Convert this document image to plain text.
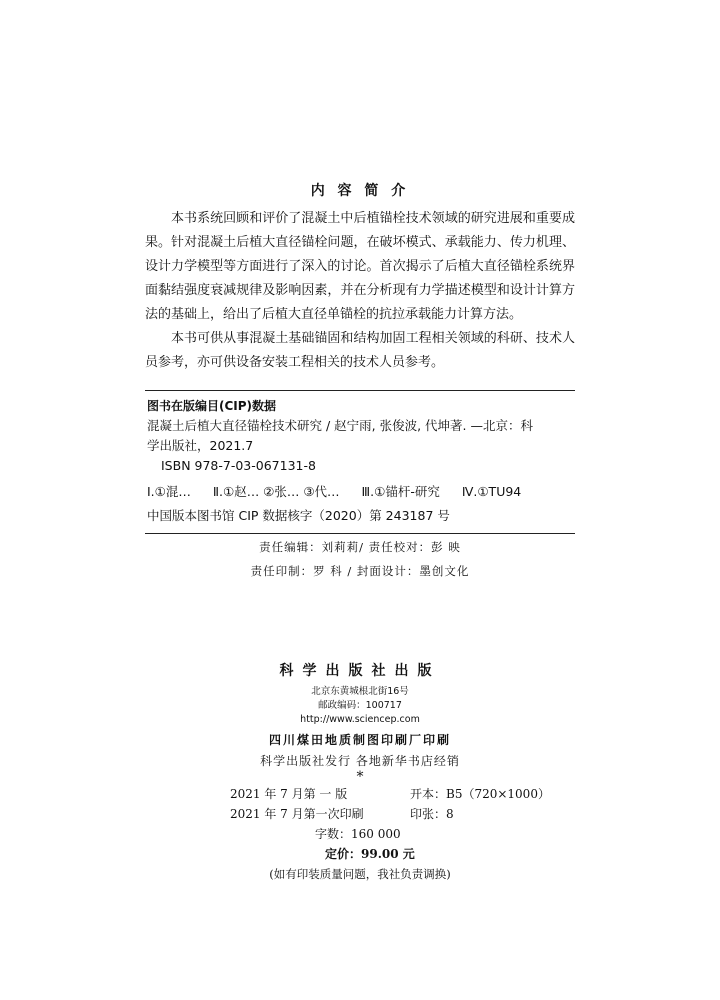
内 容 简 介

本书系统回顾和评价了混凝土中后植锚栓技术领域的研究进展和重要成果。针对混凝土后植大直径锚栓问题，在破坏模式、承载能力、传力机理、设计力学模型等方面进行了深入的讨论。首次揭示了后植大直径锚栓系统界面黏结强度衰减规律及影响因素，并在分析现有力学描述模型和设计计算方法的基础上，给出了后植大直径单锚栓的抗拉承载能力计算方法。

本书可供从事混凝土基础锚固和结构加固工程相关领域的科研、技术人员参考，亦可供设备安装工程相关的技术人员参考。

图书在版编目(CIP)数据
混凝土后植大直径锚栓技术研究 / 赵宁雨, 张俊波, 代坤著. —北京：科
学出版社，2021.7
ISBN 978-7-03-067131-8
Ⅰ.①混… Ⅱ.①赵… ②张… ③代… Ⅲ.①锚杆-研究 Ⅳ.①TU94
中国版本图书馆 CIP 数据核字（2020）第 243187 号
责任编辑：刘莉莉/ 责任校对：彭 映
责任印制：罗 科 / 封面设计：墨创文化
科学出版社出版
北京东黄城根北街16号
邮政编码：100717
http://www.sciencep.com
四川煤田地质制图印刷厂印刷
科学出版社发行 各地新华书店经销
*
2021 年 7 月第 一 版	开本：B5（720×1000）
2021 年 7 月第一次印刷	印张：8
字数：160 000
定价：99.00 元
(如有印装质量问题，我社负责调换)
